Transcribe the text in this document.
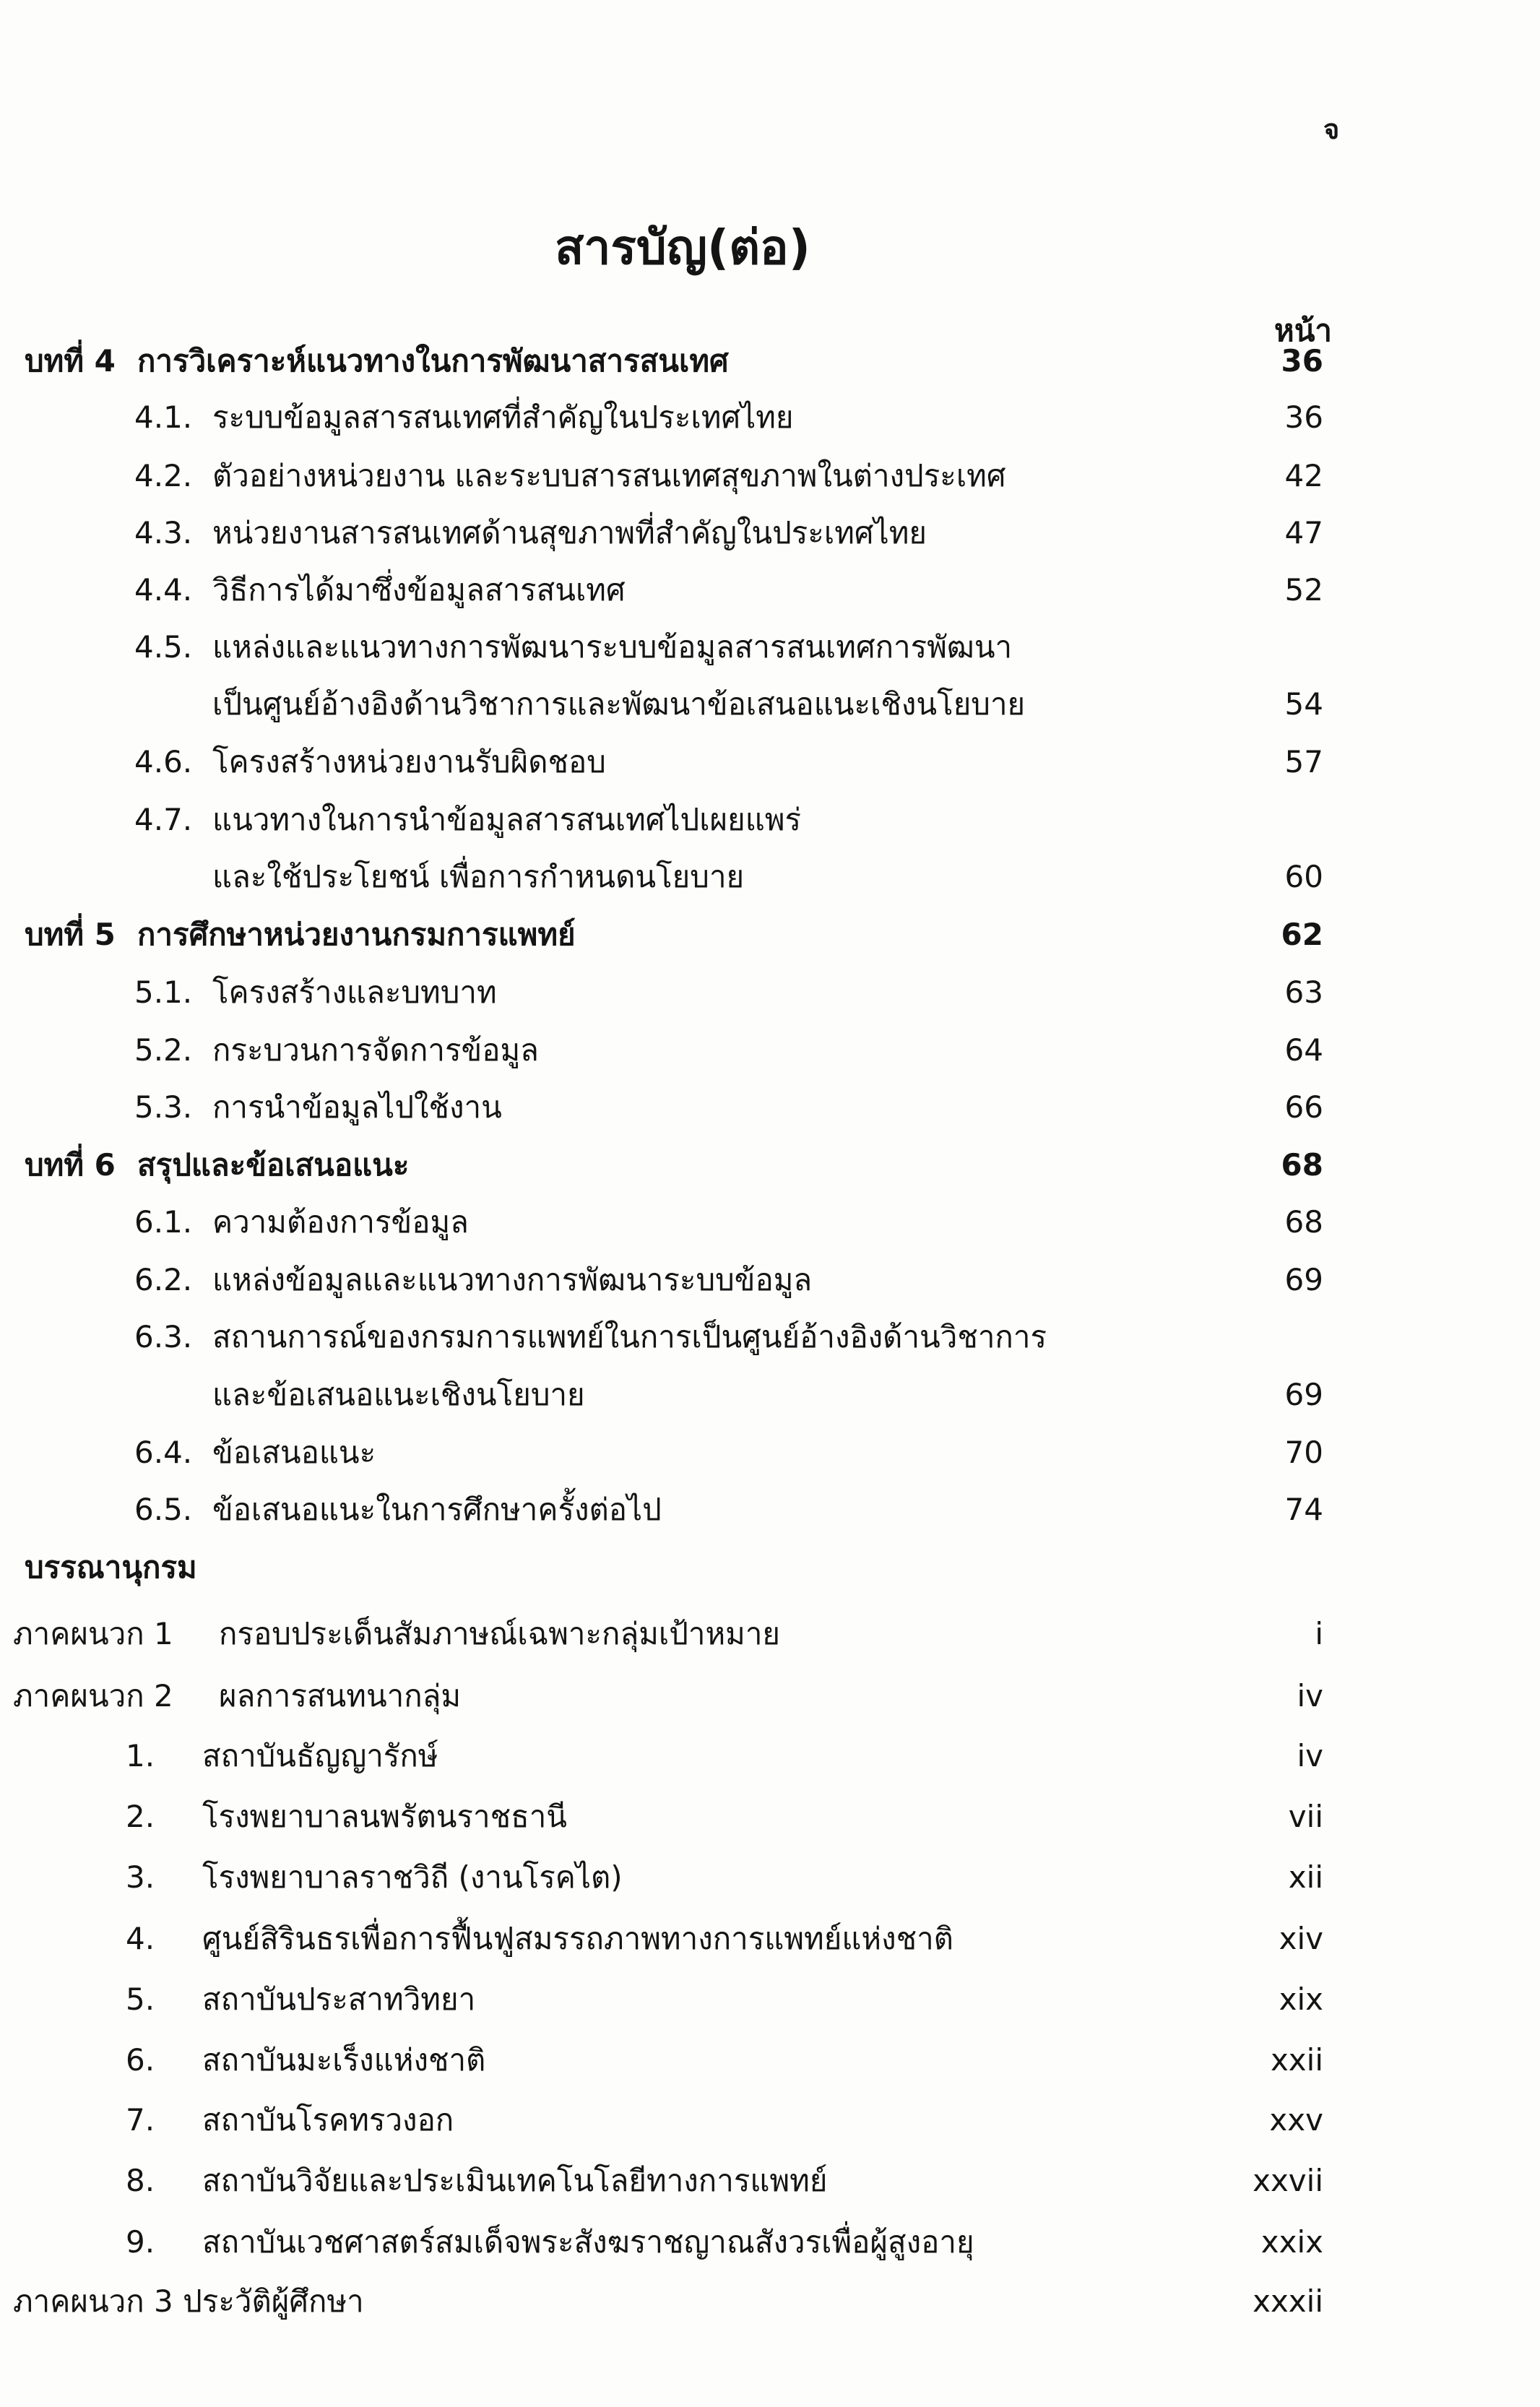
จ
สารบัญ(ต่อ)
หน้า
บทที่ 4 การวิเคราะห์แนวทางในการพัฒนาสารสนเทศ	36
4.1. ระบบข้อมูลสารสนเทศที่สำคัญในประเทศไทย	36
4.2. ตัวอย่างหน่วยงาน และระบบสารสนเทศสุขภาพในต่างประเทศ	42
4.3. หน่วยงานสารสนเทศด้านสุขภาพที่สำคัญในประเทศไทย	47
4.4. วิธีการได้มาซึ่งข้อมูลสารสนเทศ	52
4.5. แหล่งและแนวทางการพัฒนาระบบข้อมูลสารสนเทศการพัฒนา
เป็นศูนย์อ้างอิงด้านวิชาการและพัฒนาข้อเสนอแนะเชิงนโยบาย	54
4.6. โครงสร้างหน่วยงานรับผิดชอบ	57
4.7. แนวทางในการนำข้อมูลสารสนเทศไปเผยแพร่
และใช้ประโยชน์ เพื่อการกำหนดนโยบาย	60
บทที่ 5 การศึกษาหน่วยงานกรมการแพทย์	62
5.1. โครงสร้างและบทบาท	63
5.2. กระบวนการจัดการข้อมูล	64
5.3. การนำข้อมูลไปใช้งาน	66
บทที่ 6 สรุปและข้อเสนอแนะ	68
6.1. ความต้องการข้อมูล	68
6.2. แหล่งข้อมูลและแนวทางการพัฒนาระบบข้อมูล	69
6.3. สถานการณ์ของกรมการแพทย์ในการเป็นศูนย์อ้างอิงด้านวิชาการ
และข้อเสนอแนะเชิงนโยบาย	69
6.4. ข้อเสนอแนะ	70
6.5. ข้อเสนอแนะในการศึกษาครั้งต่อไป	74
บรรณานุกรม
ภาคผนวก 1 กรอบประเด็นสัมภาษณ์เฉพาะกลุ่มเป้าหมาย	i
ภาคผนวก 2 ผลการสนทนากลุ่ม	iv
1. สถาบันธัญญารักษ์	iv
2. โรงพยาบาลนพรัตนราชธานี	vii
3. โรงพยาบาลราชวิถี (งานโรคไต)	xii
4. ศูนย์สิรินธรเพื่อการฟื้นฟูสมรรถภาพทางการแพทย์แห่งชาติ	xiv
5. สถาบันประสาทวิทยา	xix
6. สถาบันมะเร็งแห่งชาติ	xxii
7. สถาบันโรคทรวงอก	xxv
8. สถาบันวิจัยและประเมินเทคโนโลยีทางการแพทย์	xxvii
9. สถาบันเวชศาสตร์สมเด็จพระสังฆราชญาณสังวรเพื่อผู้สูงอายุ	xxix
ภาคผนวก 3 ประวัติผู้ศึกษา	xxxii
